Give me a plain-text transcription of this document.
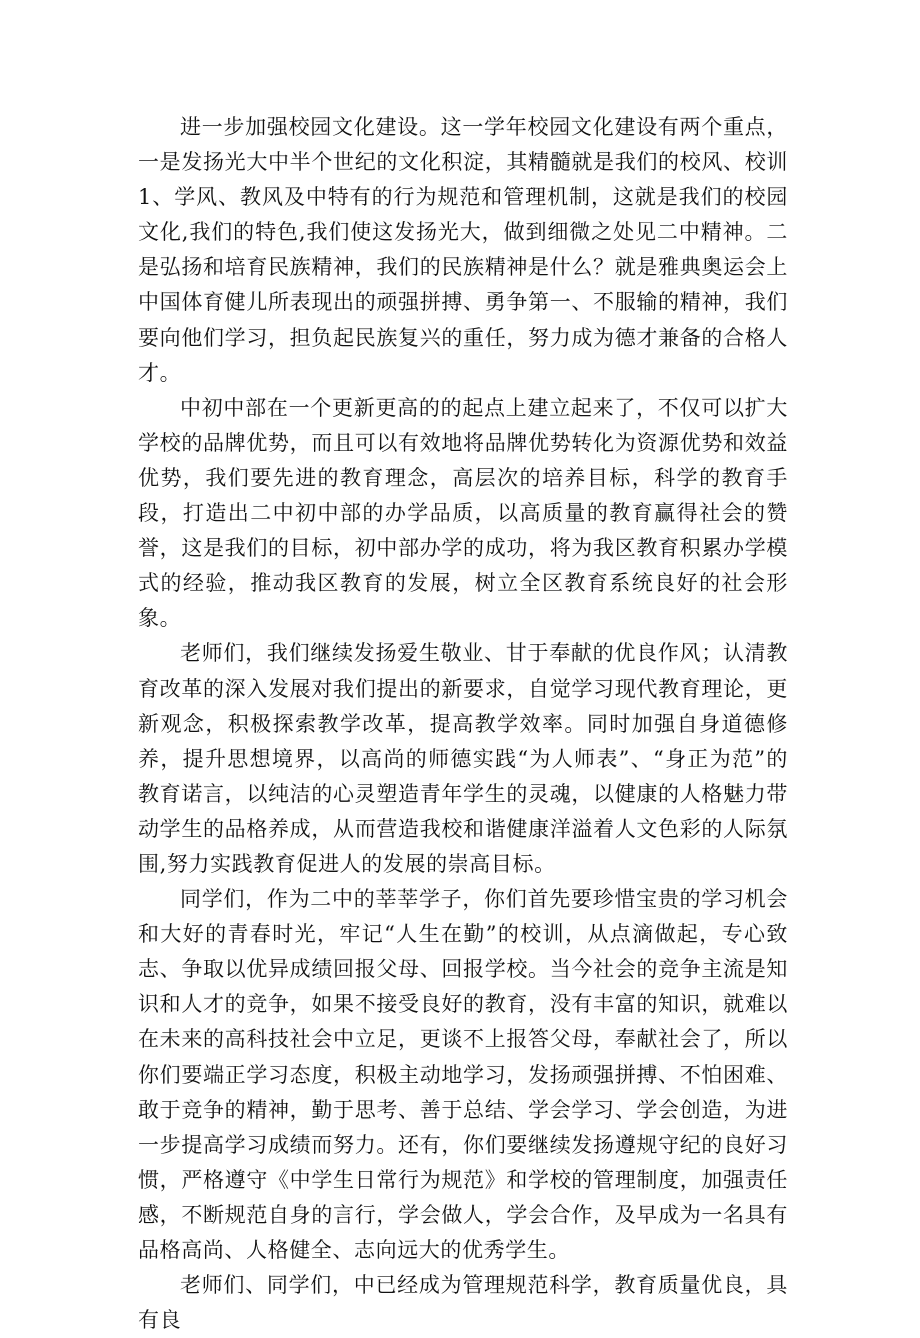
进一步加强校园文化建设。这一学年校园文化建设有两个重点，一是发扬光大中半个世纪的文化积淀，其精髓就是我们的校风、校训1、学风、教风及中特有的行为规范和管理机制，这就是我们的校园文化,我们的特色,我们使这发扬光大，做到细微之处见二中精神。二是弘扬和培育民族精神，我们的民族精神是什么？就是雅典奥运会上中国体育健儿所表现出的顽强拼搏、勇争第一、不服输的精神，我们要向他们学习，担负起民族复兴的重任，努力成为德才兼备的合格人才。

中初中部在一个更新更高的的起点上建立起来了，不仅可以扩大学校的品牌优势，而且可以有效地将品牌优势转化为资源优势和效益优势，我们要先进的教育理念，高层次的培养目标，科学的教育手段，打造出二中初中部的办学品质，以高质量的教育赢得社会的赞誉，这是我们的目标，初中部办学的成功，将为我区教育积累办学模式的经验，推动我区教育的发展，树立全区教育系统良好的社会形象。

老师们，我们继续发扬爱生敬业、甘于奉献的优良作风；认清教育改革的深入发展对我们提出的新要求，自觉学习现代教育理论，更新观念，积极探索教学改革，提高教学效率。同时加强自身道德修养，提升思想境界，以高尚的师德实践“为人师表”、“身正为范”的教育诺言，以纯洁的心灵塑造青年学生的灵魂，以健康的人格魅力带动学生的品格养成，从而营造我校和谐健康洋溢着人文色彩的人际氛围,努力实践教育促进人的发展的崇高目标。

同学们，作为二中的莘莘学子，你们首先要珍惜宝贵的学习机会和大好的青春时光，牢记“人生在勤”的校训，从点滴做起，专心致志、争取以优异成绩回报父母、回报学校。当今社会的竞争主流是知识和人才的竞争，如果不接受良好的教育，没有丰富的知识，就难以在未来的高科技社会中立足，更谈不上报答父母，奉献社会了，所以你们要端正学习态度，积极主动地学习，发扬顽强拼搏、不怕困难、敢于竞争的精神，勤于思考、善于总结、学会学习、学会创造，为进一步提高学习成绩而努力。还有，你们要继续发扬遵规守纪的良好习惯，严格遵守《中学生日常行为规范》和学校的管理制度，加强责任感，不断规范自身的言行，学会做人，学会合作，及早成为一名具有品格高尚、人格健全、志向远大的优秀学生。

老师们、同学们，中已经成为管理规范科学，教育质量优良，具有良
